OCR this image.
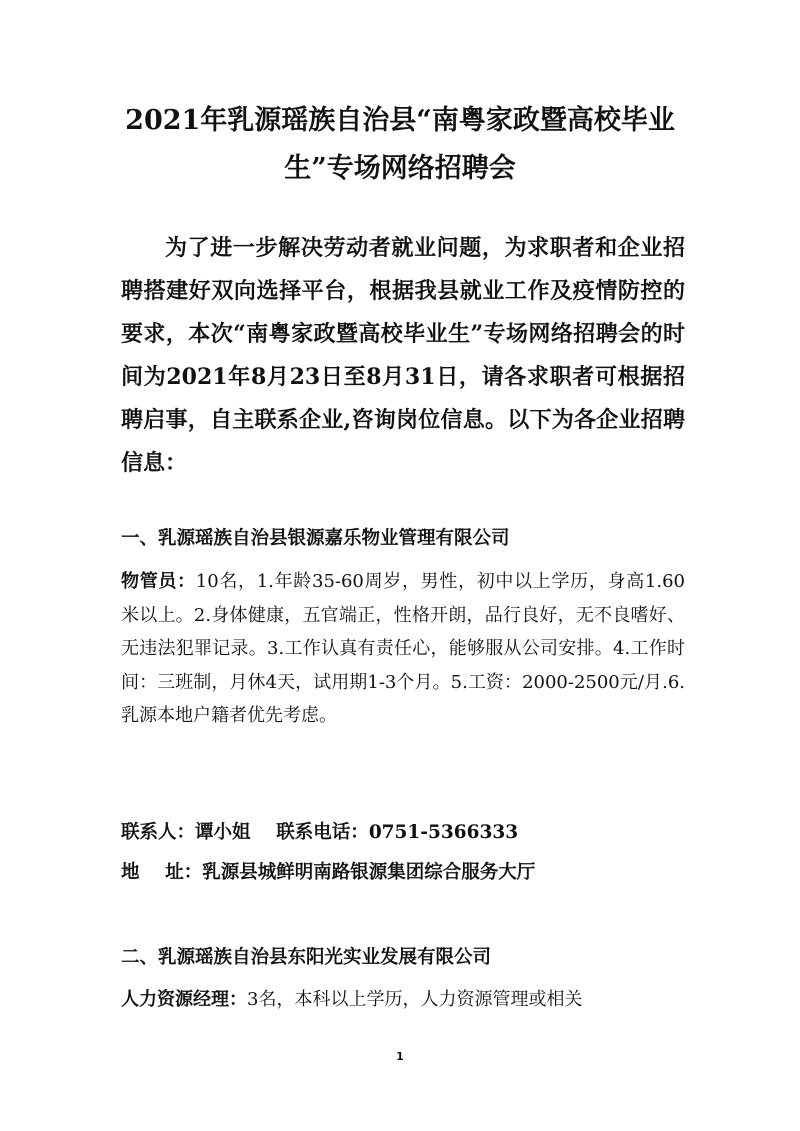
2021年乳源瑶族自治县“南粤家政暨高校毕业生”专场网络招聘会

为了进一步解决劳动者就业问题，为求职者和企业招聘搭建好双向选择平台，根据我县就业工作及疫情防控的要求，本次“南粤家政暨高校毕业生”专场网络招聘会的时间为2021年8月23日至8月31日，请各求职者可根据招聘启事，自主联系企业,咨询岗位信息。以下为各企业招聘信息：

一、乳源瑶族自治县银源嘉乐物业管理有限公司

物管员：10名，1.年龄35-60周岁，男性，初中以上学历，身高1.60米以上。2.身体健康，五官端正，性格开朗，品行良好，无不良嗜好、无违法犯罪记录。3.工作认真有责任心，能够服从公司安排。4.工作时间：三班制，月休4天，试用期1-3个月。5.工资：2000-2500元/月.6.乳源本地户籍者优先考虑。

联系人：谭小姐 联系电话：0751-5366333
地    址：乳源县城鲜明南路银源集团综合服务大厅
二、乳源瑶族自治县东阳光实业发展有限公司

人力资源经理：3名，本科以上学历，人力资源管理或相关

1
